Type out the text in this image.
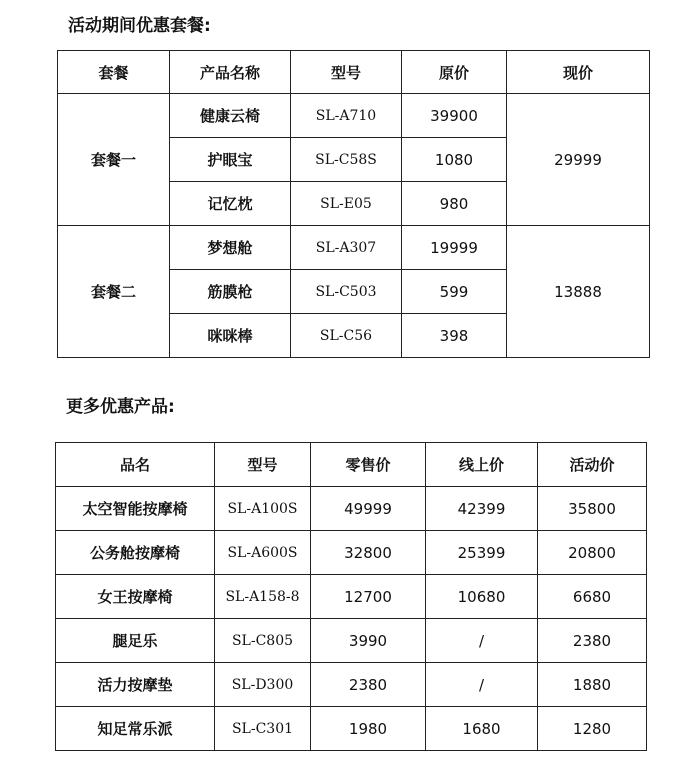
活动期间优惠套餐:
套餐	产品名称	型号	原价	现价
套餐一	健康云椅	SL-A710	39900	29999
	护眼宝	SL-C58S	1080	
	记忆枕	SL-E05	980	
套餐二	梦想舱	SL-A307	19999	13888
	筋膜枪	SL-C503	599	
	咪咪棒	SL-C56	398	
更多优惠产品:
品名	型号	零售价	线上价	活动价
太空智能按摩椅	SL-A100S	49999	42399	35800
公务舱按摩椅	SL-A600S	32800	25399	20800
女王按摩椅	SL-A158-8	12700	10680	6680
腿足乐	SL-C805	3990	/	2380
活力按摩垫	SL-D300	2380	/	1880
知足常乐派	SL-C301	1980	1680	1280
